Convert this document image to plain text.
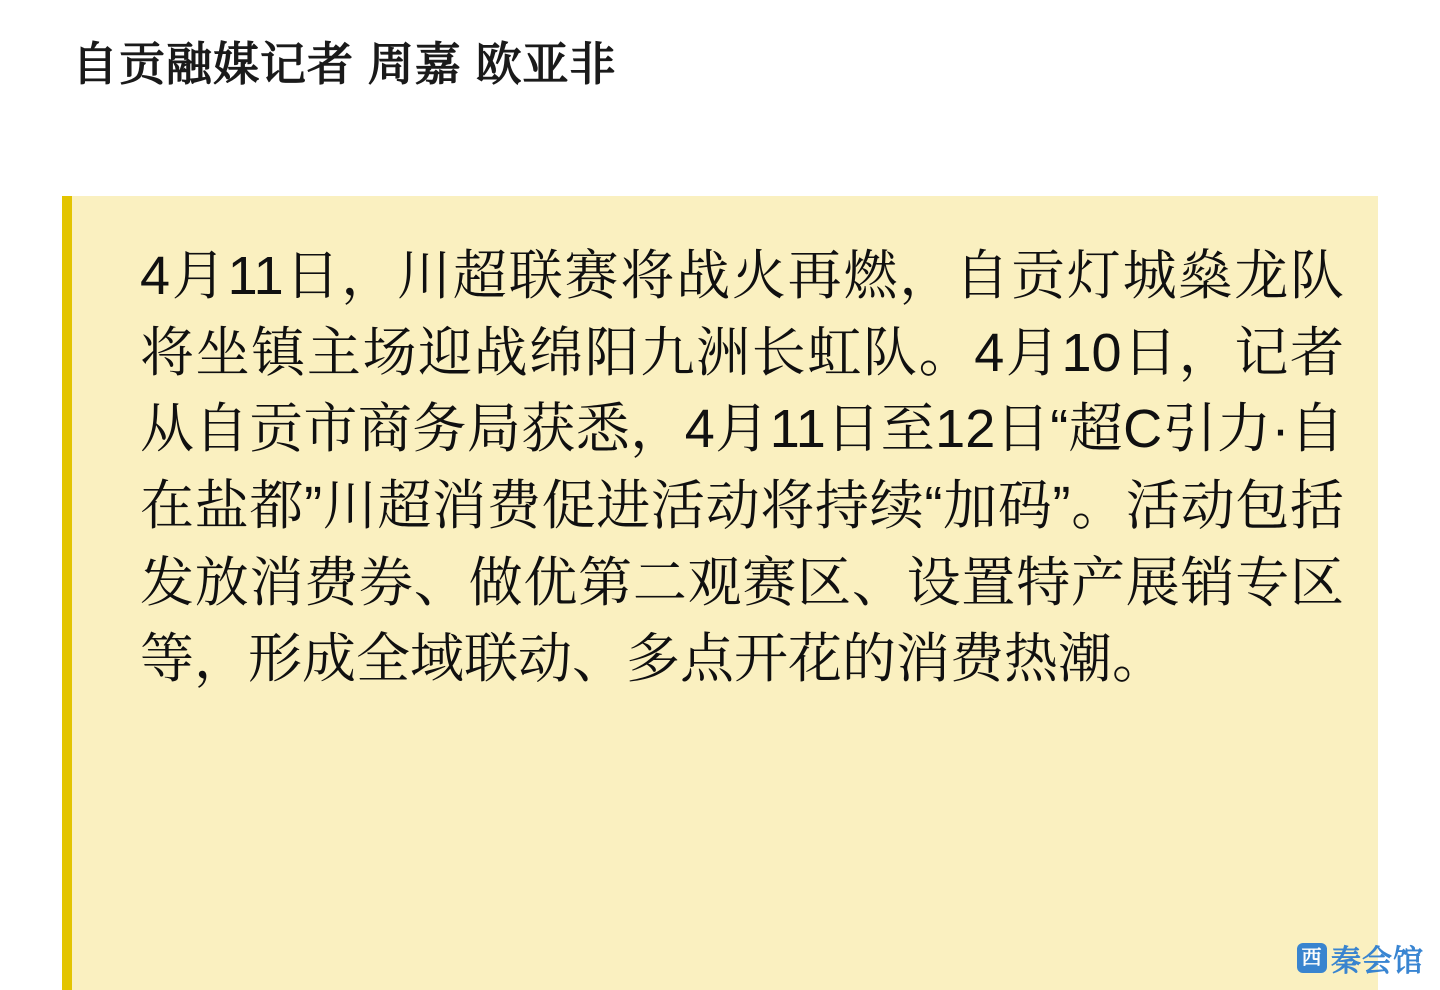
自贡融媒记者 周嘉 欧亚非

4月11日，川超联赛将战火再燃，自贡灯城燊龙队将坐镇主场迎战绵阳九洲长虹队。4月10日，记者从自贡市商务局获悉，4月11日至12日“超C引力·自在盐都”川超消费促进活动将持续“加码”。活动包括发放消费券、做优第二观赛区、设置特产展销专区等，形成全域联动、多点开花的消费热潮。

西 秦会馆
